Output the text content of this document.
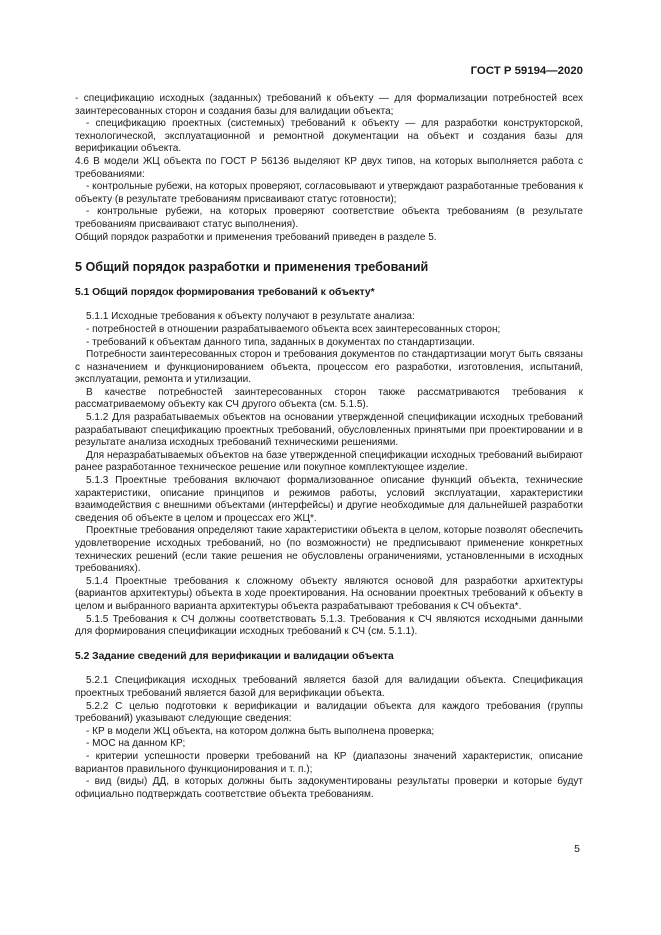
ГОСТ Р 59194—2020

- спецификацию исходных (заданных) требований к объекту — для формализации потребностей всех заинтересованных сторон и создания базы для валидации объекта;

- спецификацию проектных (системных) требований к объекту — для разработки конструкторской, технологической, эксплуатационной и ремонтной документации на объект и создания базы для верификации объекта.

4.6 В модели ЖЦ объекта по ГОСТ Р 56136 выделяют КР двух типов, на которых выполняется работа с требованиями:

- контрольные рубежи, на которых проверяют, согласовывают и утверждают разработанные требования к объекту (в результате требованиям присваивают статус готовности);

- контрольные рубежи, на которых проверяют соответствие объекта требованиям (в результате требованиям присваивают статус выполнения).

Общий порядок разработки и применения требований приведен в разделе 5.

5 Общий порядок разработки и применения требований
5.1 Общий порядок формирования требований к объекту*

5.1.1 Исходные требования к объекту получают в результате анализа:

- потребностей в отношении разрабатываемого объекта всех заинтересованных сторон;

- требований к объектам данного типа, заданных в документах по стандартизации.

Потребности заинтересованных сторон и требования документов по стандартизации могут быть связаны с назначением и функционированием объекта, процессом его разработки, изготовления, испытаний, эксплуатации, ремонта и утилизации.

В качестве потребностей заинтересованных сторон также рассматриваются требования к рассматриваемому объекту как СЧ другого объекта (см. 5.1.5).

5.1.2 Для разрабатываемых объектов на основании утвержденной спецификации исходных требований разрабатывают спецификацию проектных требований, обусловленных принятыми при проектировании и в результате анализа исходных требований техническими решениями.

Для неразрабатываемых объектов на базе утвержденной спецификации исходных требований выбирают ранее разработанное техническое решение или покупное комплектующее изделие.

5.1.3 Проектные требования включают формализованное описание функций объекта, технические характеристики, описание принципов и режимов работы, условий эксплуатации, характеристики взаимодействия с внешними объектами (интерфейсы) и другие необходимые для дальнейшей разработки сведения об объекте в целом и процессах его ЖЦ*.

Проектные требования определяют такие характеристики объекта в целом, которые позволят обеспечить удовлетворение исходных требований, но (по возможности) не предписывают применение конкретных технических решений (если такие решения не обусловлены ограничениями, установленными в исходных требованиях).

5.1.4 Проектные требования к сложному объекту являются основой для разработки архитектуры (вариантов архитектуры) объекта в ходе проектирования. На основании проектных требований к объекту в целом и выбранного варианта архитектуры объекта разрабатывают требования к СЧ объекта*.

5.1.5 Требования к СЧ должны соответствовать 5.1.3. Требования к СЧ являются исходными данными для формирования спецификации исходных требований к СЧ (см. 5.1.1).

5.2 Задание сведений для верификации и валидации объекта

5.2.1 Спецификация исходных требований является базой для валидации объекта. Спецификация проектных требований является базой для верификации объекта.

5.2.2 С целью подготовки к верификации и валидации объекта для каждого требования (группы требований) указывают следующие сведения:

- КР в модели ЖЦ объекта, на котором должна быть выполнена проверка;

- МОС на данном КР;

- критерии успешности проверки требований на КР (диапазоны значений характеристик, описание вариантов правильного функционирования и т. п.);

- вид (виды) ДД, в которых должны быть задокументированы результаты проверки и которые будут официально подтверждать соответствие объекта требованиям.

5
